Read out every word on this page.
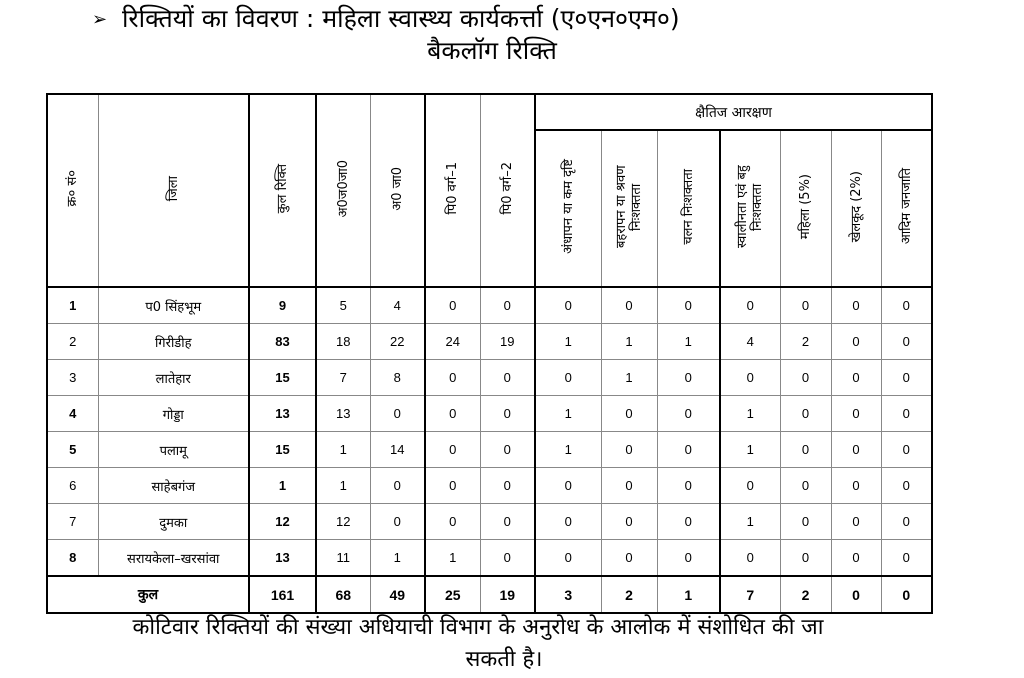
➢ रिक्तियों का विवरण : महिला स्वास्थ्य कार्यकर्त्ता (ए०एन०एम०)
बैकलॉग रिक्ति
क्र० सं०	जिला	कुल रिक्ति	अ0ज0जा0	अ0 जा0	पि0 वर्ग–1	पि0 वर्ग–2	क्षैतिज आरक्षण						
							अंधापन या कम दृष्टि	बहरापन या श्रवण निःशक्तता	चलन निःशक्तता	स्वालीनता एवं बहु निःशक्तता	महिला (5%)	खेलकूद (2%)	आदिम जनजाति
1	प0 सिंहभूम	9	5	4	0	0	0	0	0	0	0	0	0
2	गिरीडीह	83	18	22	24	19	1	1	1	4	2	0	0
3	लातेहार	15	7	8	0	0	0	1	0	0	0	0	0
4	गोड्डा	13	13	0	0	0	1	0	0	1	0	0	0
5	पलामू	15	1	14	0	0	1	0	0	1	0	0	0
6	साहेबगंज	1	1	0	0	0	0	0	0	0	0	0	0
7	दुमका	12	12	0	0	0	0	0	0	1	0	0	0
8	सरायकेला–खरसांवा	13	11	1	1	0	0	0	0	0	0	0	0
कुल		161	68	49	25	19	3	2	1	7	2	0	0
कोटिवार रिक्तियों की संख्या अधियाची विभाग के अनुरोध के आलोक में संशोधित की जा
सकती है।
